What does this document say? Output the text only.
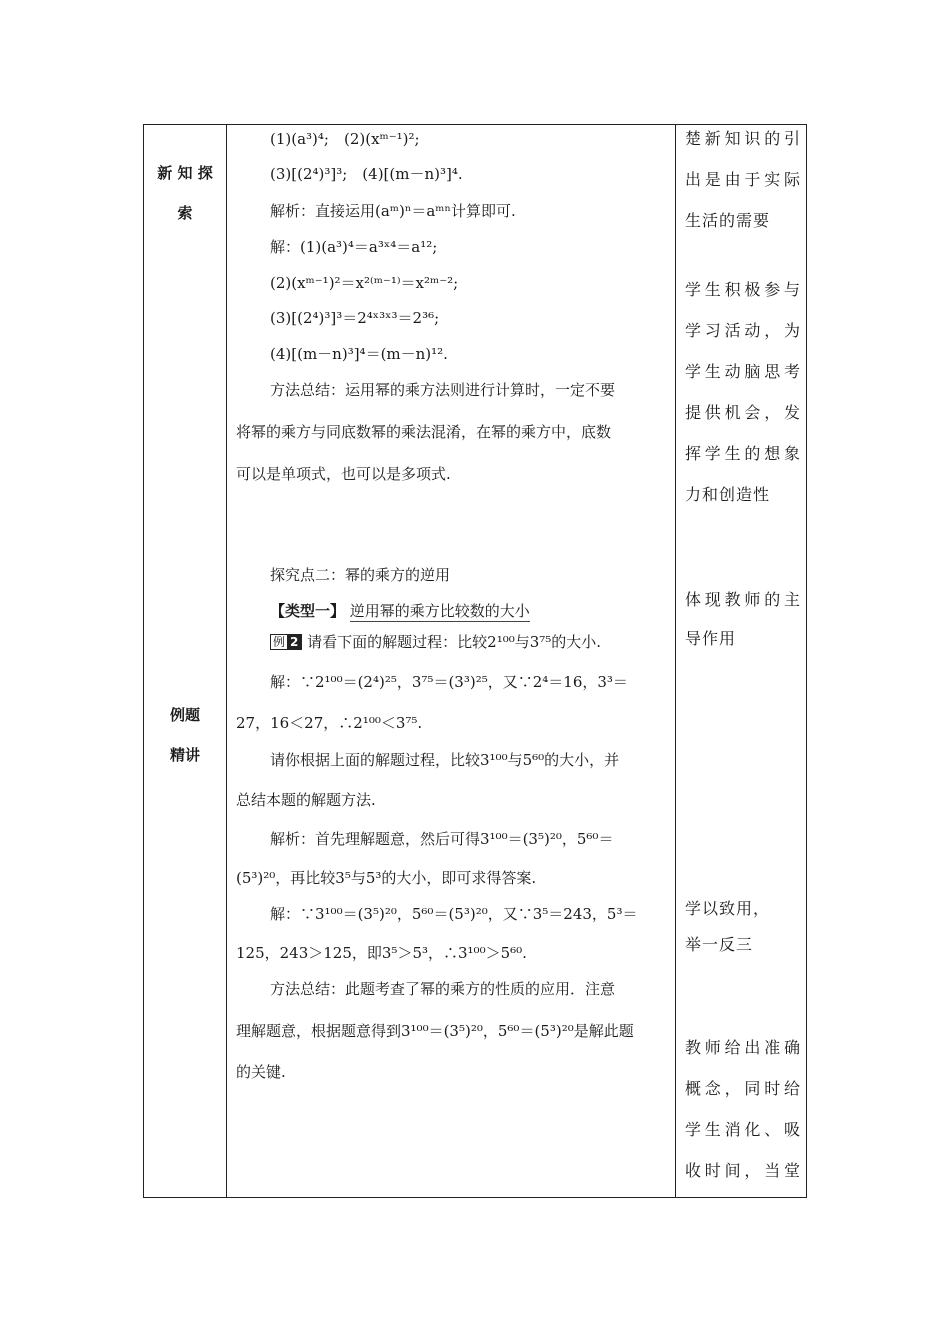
新 知 探
索
例题
精讲
(1)(a³)⁴;　(2)(xᵐ⁻¹)²;
(3)[(2⁴)³]³;　(4)[(m－n)³]⁴.
解析：直接运用(aᵐ)ⁿ＝aᵐⁿ计算即可.
解：(1)(a³)⁴＝a³ˣ⁴＝a¹²;
(2)(xᵐ⁻¹)²＝x²⁽ᵐ⁻¹⁾＝x²ᵐ⁻²;
(3)[(2⁴)³]³＝2⁴ˣ³ˣ³＝2³⁶;
(4)[(m－n)³]⁴＝(m－n)¹².
方法总结：运用幂的乘方法则进行计算时，一定不要
将幂的乘方与同底数幂的乘法混淆，在幂的乘方中，底数
可以是单项式，也可以是多项式.
探究点二：幂的乘方的逆用
【类型一】 逆用幂的乘方比较数的大小
例 2 请看下面的解题过程：比较2¹⁰⁰与3⁷⁵的大小.
解：∵2¹⁰⁰＝(2⁴)²⁵，3⁷⁵＝(3³)²⁵，又∵2⁴＝16，3³＝
27，16＜27，∴2¹⁰⁰＜3⁷⁵.
请你根据上面的解题过程，比较3¹⁰⁰与5⁶⁰的大小，并
总结本题的解题方法.
解析：首先理解题意，然后可得3¹⁰⁰＝(3⁵)²⁰，5⁶⁰＝
(5³)²⁰，再比较3⁵与5³的大小，即可求得答案.
解：∵3¹⁰⁰＝(3⁵)²⁰，5⁶⁰＝(5³)²⁰，又∵3⁵＝243，5³＝
125，243＞125，即3⁵＞5³，∴3¹⁰⁰＞5⁶⁰.
方法总结：此题考查了幂的乘方的性质的应用．注意
理解题意，根据题意得到3¹⁰⁰＝(3⁵)²⁰，5⁶⁰＝(5³)²⁰是解此题
的关键.
楚新知识的引
出是由于实际
生活的需要
学生积极参与
学习活动，为
学生动脑思考
提供机会，发
挥学生的想象
力和创造性
体现教师的主
导作用
学以致用，
举一反三
教师给出准确
概念，同时给
学生消化、吸
收时间，当堂
